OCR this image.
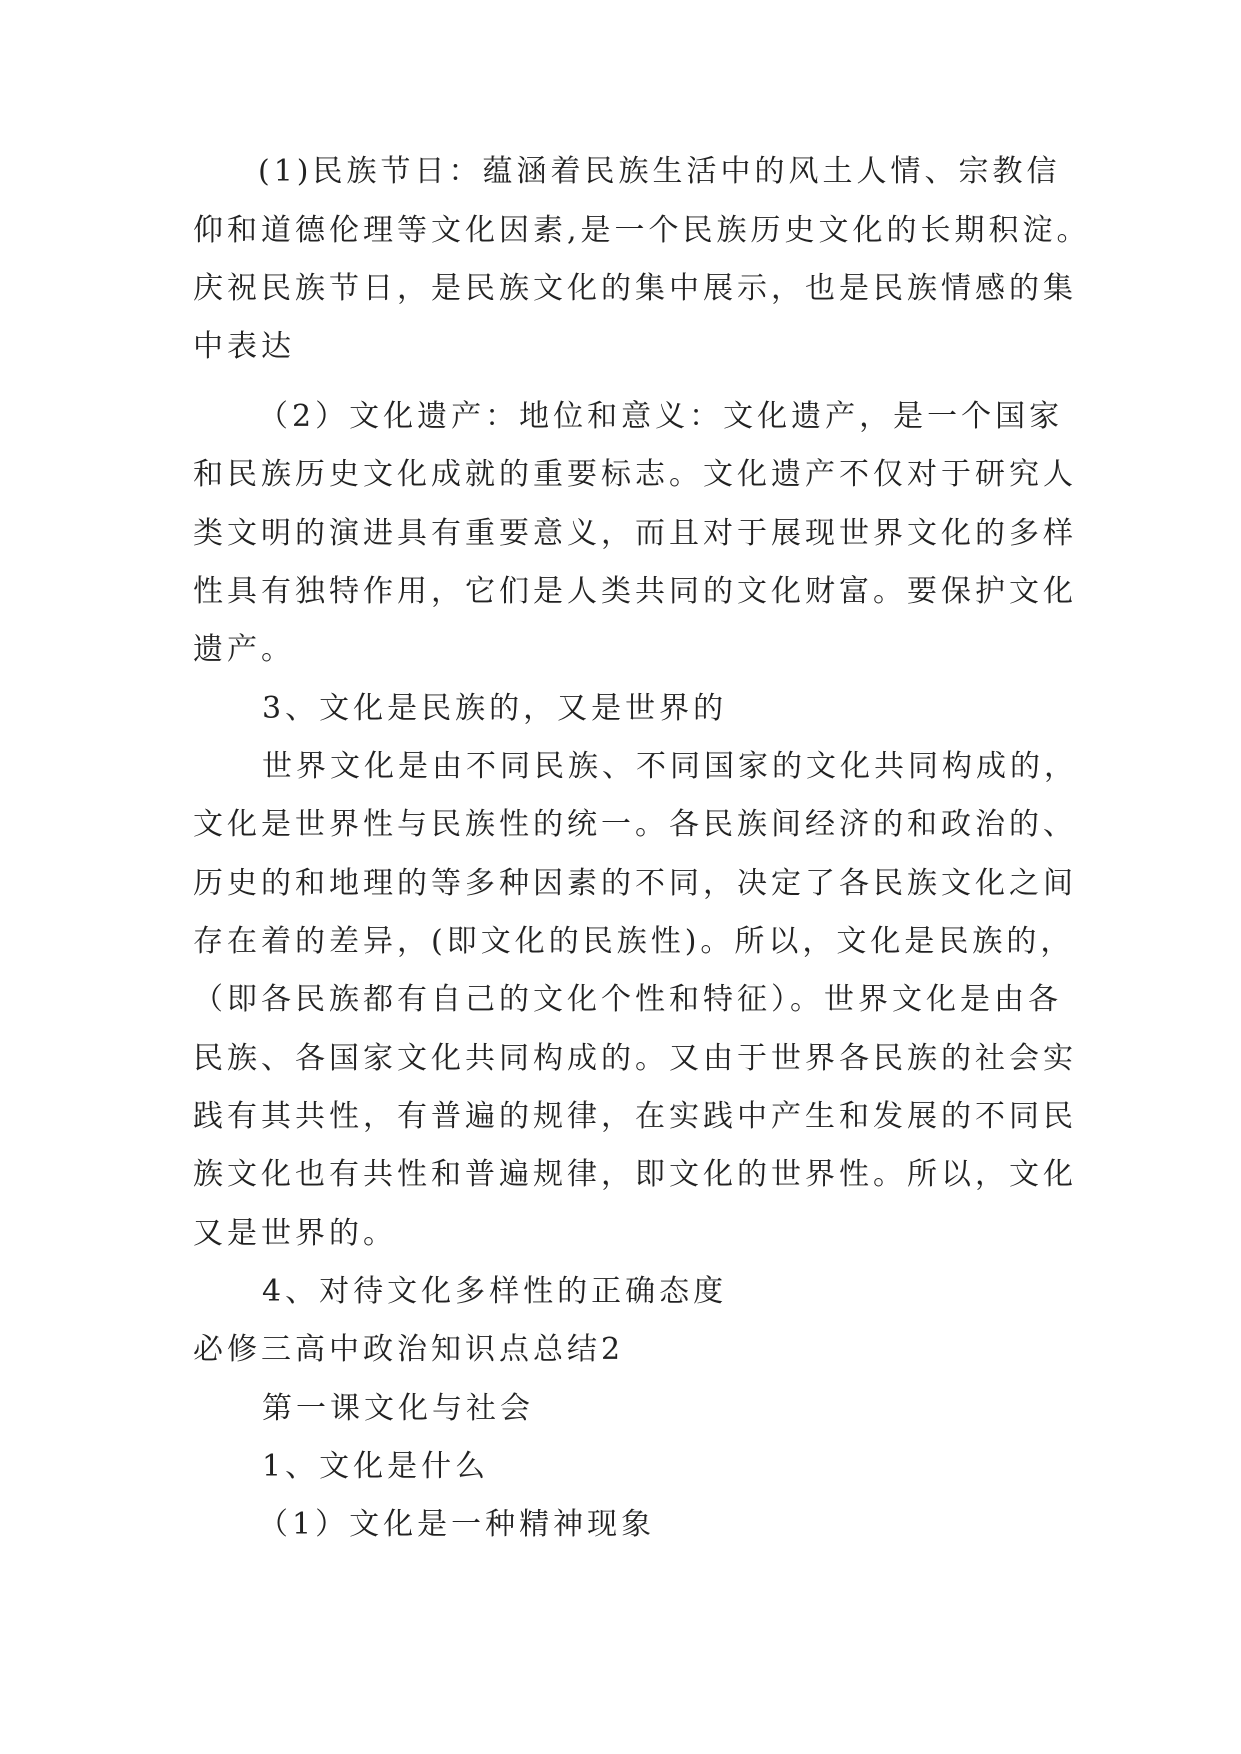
(1)民族节日：蕴涵着民族生活中的风土人情、宗教信
仰和道德伦理等文化因素,是一个民族历史文化的长期积淀。
庆祝民族节日，是民族文化的集中展示，也是民族情感的集
中表达
（2）文化遗产：地位和意义：文化遗产，是一个国家
和民族历史文化成就的重要标志。文化遗产不仅对于研究人
类文明的演进具有重要意义，而且对于展现世界文化的多样
性具有独特作用，它们是人类共同的文化财富。要保护文化
遗产。
3、文化是民族的，又是世界的
世界文化是由不同民族、不同国家的文化共同构成的，
文化是世界性与民族性的统一。各民族间经济的和政治的、
历史的和地理的等多种因素的不同，决定了各民族文化之间
存在着的差异，(即文化的民族性)。所以，文化是民族的，
（即各民族都有自己的文化个性和特征）。世界文化是由各
民族、各国家文化共同构成的。又由于世界各民族的社会实
践有其共性，有普遍的规律，在实践中产生和发展的不同民
族文化也有共性和普遍规律，即文化的世界性。所以，文化
又是世界的。
4、对待文化多样性的正确态度
必修三高中政治知识点总结2
第一课文化与社会
1、文化是什么
（1）文化是一种精神现象
